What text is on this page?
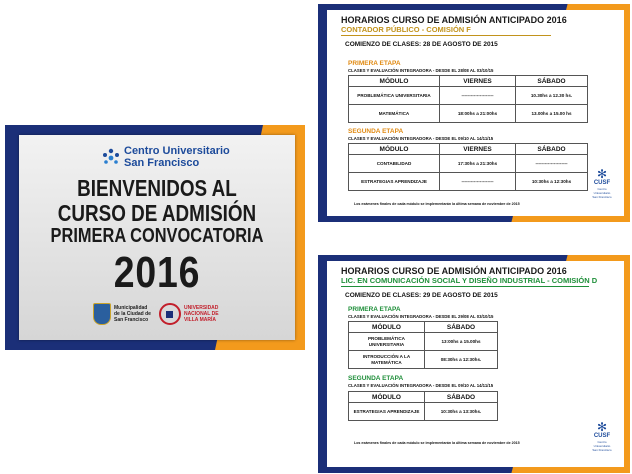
Centro Universitario
San Francisco
BIENVENIDOS AL
CURSO DE ADMISIÓN
PRIMERA CONVOCATORIA
2016
Municipalidad
de la Ciudad de
San Francisco
UNIVERSIDAD
NACIONAL DE
VILLA MARÍA
HORARIOS CURSO DE ADMISIÓN ANTICIPADO 2016
CONTADOR PÚBLICO - COMISIÓN F
COMIENZO DE CLASES: 28 DE AGOSTO DE 2015
PRIMERA ETAPA
CLASES Y EVALUACIÓN INTEGRADORA - DESDE EL 28/08 AL 03/10/15
MÓDULO	VIERNES	SÁBADO
PROBLEMÁTICA UNIVERSITARIA	---------------------	10.30hs a 12.30 hs.
MATEMÁTICA	18:00hs a 21:00hs	13.00hs a 15.00 hs
SEGUNDA ETAPA
CLASES Y EVALUACIÓN INTEGRADORA - DESDE EL 09/10 AL 14/11/15
MÓDULO	VIERNES	SÁBADO
CONTABILIDAD	17:30hs a 21:30hs	---------------------
ESTRATEGIAS APRENDIZAJE	---------------------	10:30hs a 12:30hs
Los exámenes finales de cada módulo se implementarán la última semana de noviembre de 2015
✻
CUSF
Centro Universitario
San Francisco
HORARIOS CURSO DE ADMISIÓN ANTICIPADO 2016
LIC. EN COMUNICACIÓN SOCIAL Y DISEÑO INDUSTRIAL - COMISIÓN D
COMIENZO DE CLASES: 29 DE AGOSTO DE 2015
PRIMERA ETAPA
CLASES Y EVALUACIÓN INTEGRADORA - DESDE EL 29/08 AL 03/10/15
MÓDULO	SÁBADO
PROBLEMÁTICA UNIVERSITARIA	13:00hs a 15.00hs
INTRODUCCIÓN A LA MATEMÁTICA	08:30hs a 12:30hs.
SEGUNDA ETAPA
CLASES Y EVALUACIÓN INTEGRADORA - DESDE EL 09/10 AL 14/11/15
MÓDULO	SÁBADO
ESTRATEGIAS APRENDIZAJE	10:30hs a 13:30hs.
Los exámenes finales de cada módulo se implementarán la última semana de noviembre de 2015
✻
CUSF
Centro Universitario
San Francisco
